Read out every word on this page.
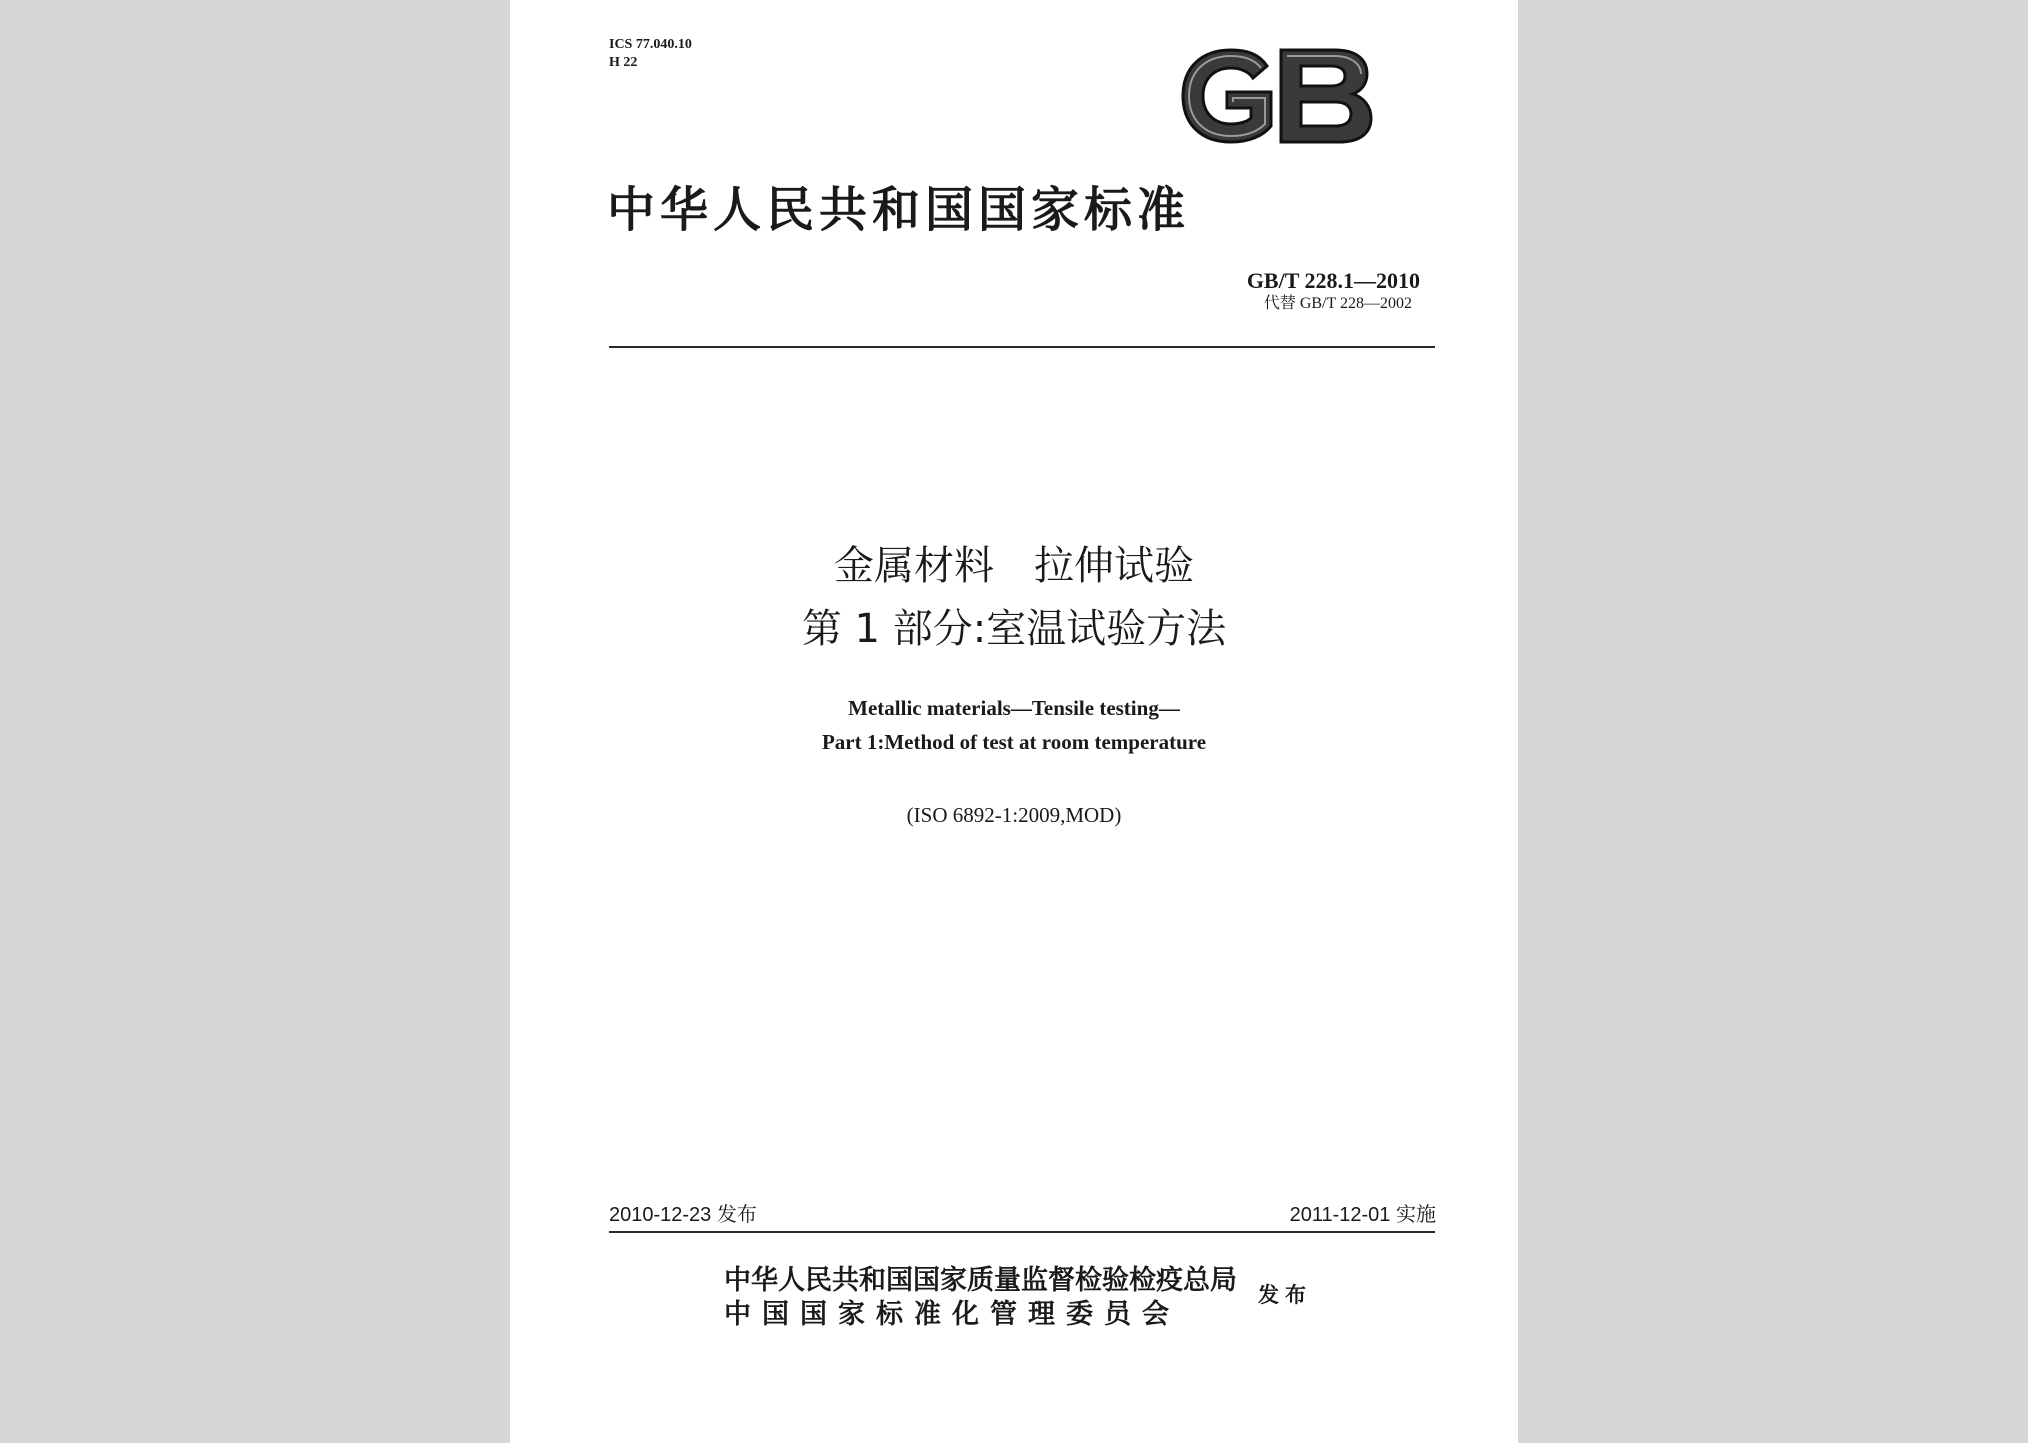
ICS 77.040.10
H 22
中华人民共和国国家标准
GB/T 228.1—2010
代替 GB/T 228—2002
金属材料　拉伸试验
第 1 部分:室温试验方法
Metallic materials—Tensile testing—
Part 1:Method of test at room temperature
(ISO 6892-1:2009,MOD)
2010-12-23 发布	2011-12-01 实施
中华人民共和国国家质量监督检验检疫总局
中国国家标准化管理委员会
发布
